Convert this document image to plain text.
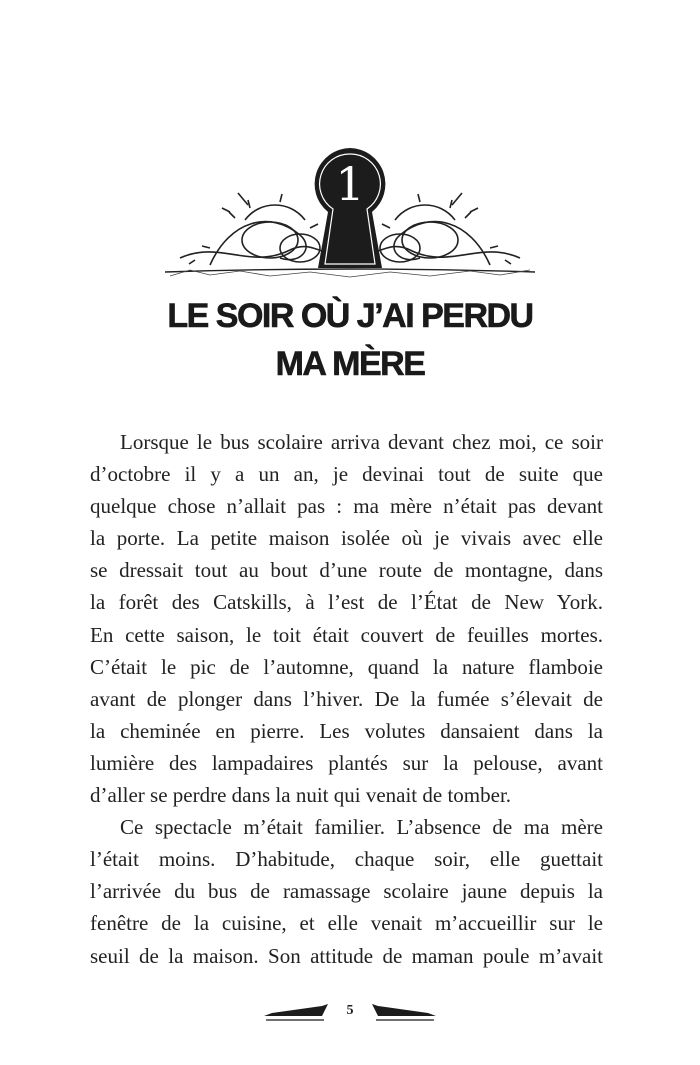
1
LE SOIR OÙ J’AI PERDU
MA MÈRE
Lorsque le bus scolaire arriva devant chez moi, ce soir
d’octobre il y a un an, je devinai tout de suite que
quelque chose n’allait pas : ma mère n’était pas devant
la porte. La petite maison isolée où je vivais avec elle
se dressait tout au bout d’une route de montagne, dans
la forêt des Catskills, à l’est de l’État de New York.
En cette saison, le toit était couvert de feuilles mortes.
C’était le pic de l’automne, quand la nature flamboie
avant de plonger dans l’hiver. De la fumée s’élevait de
la cheminée en pierre. Les volutes dansaient dans la
lumière des lampadaires plantés sur la pelouse, avant
d’aller se perdre dans la nuit qui venait de tomber.
Ce spectacle m’était familier. L’absence de ma mère
l’était moins. D’habitude, chaque soir, elle guettait
l’arrivée du bus de ramassage scolaire jaune depuis la
fenêtre de la cuisine, et elle venait m’accueillir sur le
seuil de la maison. Son attitude de maman poule m’avait
5
